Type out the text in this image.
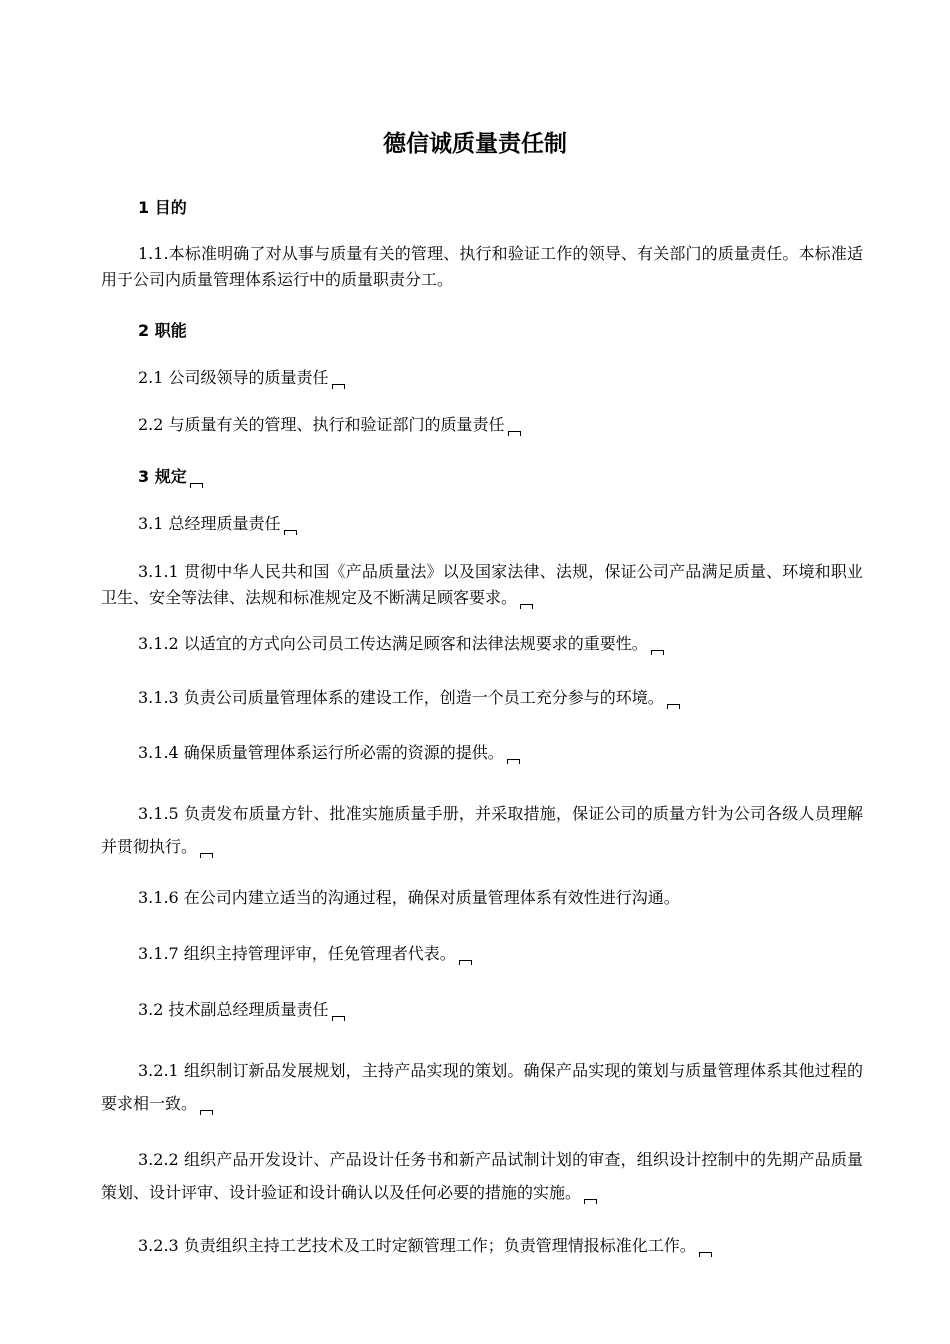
德信诚质量责任制

1 目的

1.1.本标准明确了对从事与质量有关的管理、执行和验证工作的领导、有关部门的质量责任。本标准适用于公司内质量管理体系运行中的质量职责分工。

2 职能

2.1 公司级领导的质量责任

2.2 与质量有关的管理、执行和验证部门的质量责任

3 规定

3.1 总经理质量责任

3.1.1 贯彻中华人民共和国《产品质量法》以及国家法律、法规，保证公司产品满足质量、环境和职业卫生、安全等法律、法规和标准规定及不断满足顾客要求。

3.1.2 以适宜的方式向公司员工传达满足顾客和法律法规要求的重要性。

3.1.3 负责公司质量管理体系的建设工作，创造一个员工充分参与的环境。

3.1.4 确保质量管理体系运行所必需的资源的提供。

3.1.5 负责发布质量方针、批准实施质量手册，并采取措施，保证公司的质量方针为公司各级人员理解并贯彻执行。

3.1.6 在公司内建立适当的沟通过程，确保对质量管理体系有效性进行沟通。

3.1.7 组织主持管理评审，任免管理者代表。

3.2 技术副总经理质量责任

3.2.1 组织制订新品发展规划，主持产品实现的策划。确保产品实现的策划与质量管理体系其他过程的要求相一致。

3.2.2 组织产品开发设计、产品设计任务书和新产品试制计划的审查，组织设计控制中的先期产品质量策划、设计评审、设计验证和设计确认以及任何必要的措施的实施。

3.2.3 负责组织主持工艺技术及工时定额管理工作；负责管理情报标准化工作。
